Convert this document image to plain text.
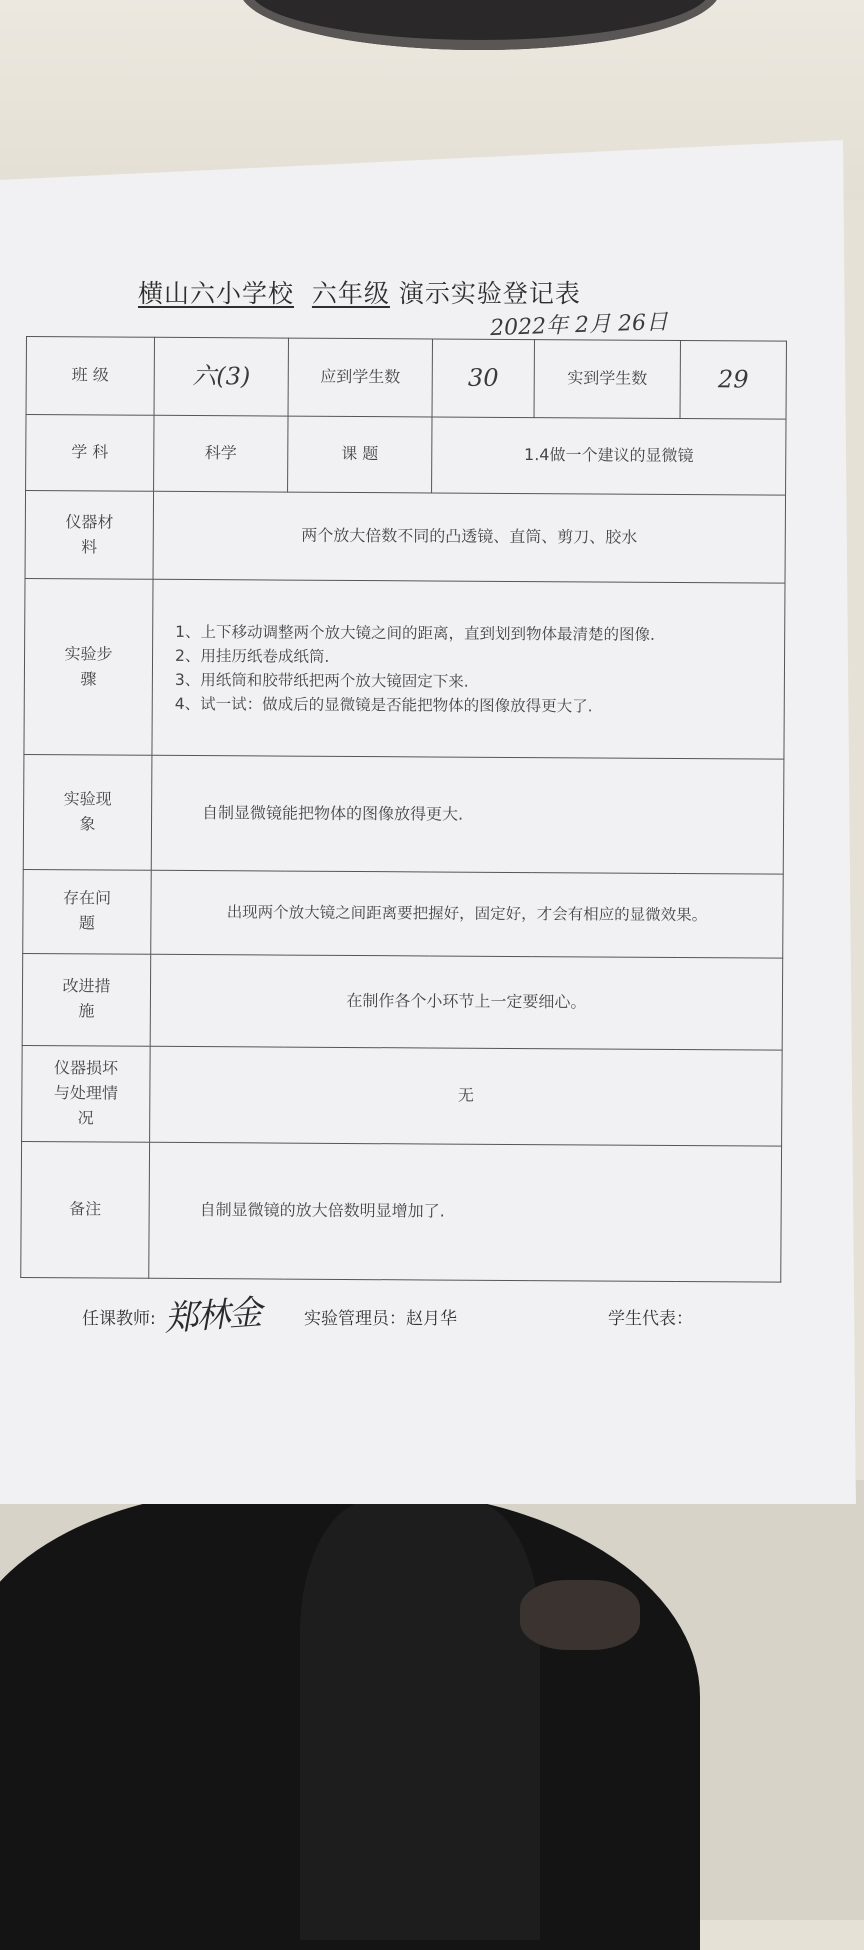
横山六小学校 六年级 演示实验登记表
2022年 2月 26日
班 级	六(3)	应到学生数	30	实到学生数	29
学 科	科学	课 题	1.4做一个建议的显微镜		
仪器材料	两个放大倍数不同的凸透镜、直筒、剪刀、胶水				
实验步骤	1、上下移动调整两个放大镜之间的距离，直到划到物体最清楚的图像.
2、用挂历纸卷成纸筒.
3、用纸筒和胶带纸把两个放大镜固定下来.
4、试一试：做成后的显微镜是否能把物体的图像放得更大了.				

实验现象	自制显微镜能把物体的图像放得更大.				
存在问题	出现两个放大镜之间距离要把握好，固定好，才会有相应的显微效果。				
改进措施	在制作各个小环节上一定要细心。				
仪器损坏与处理情况	无				
备注	自制显微镜的放大倍数明显增加了.				
任课教师: 郑林金 实验管理员：赵月华	学生代表：
